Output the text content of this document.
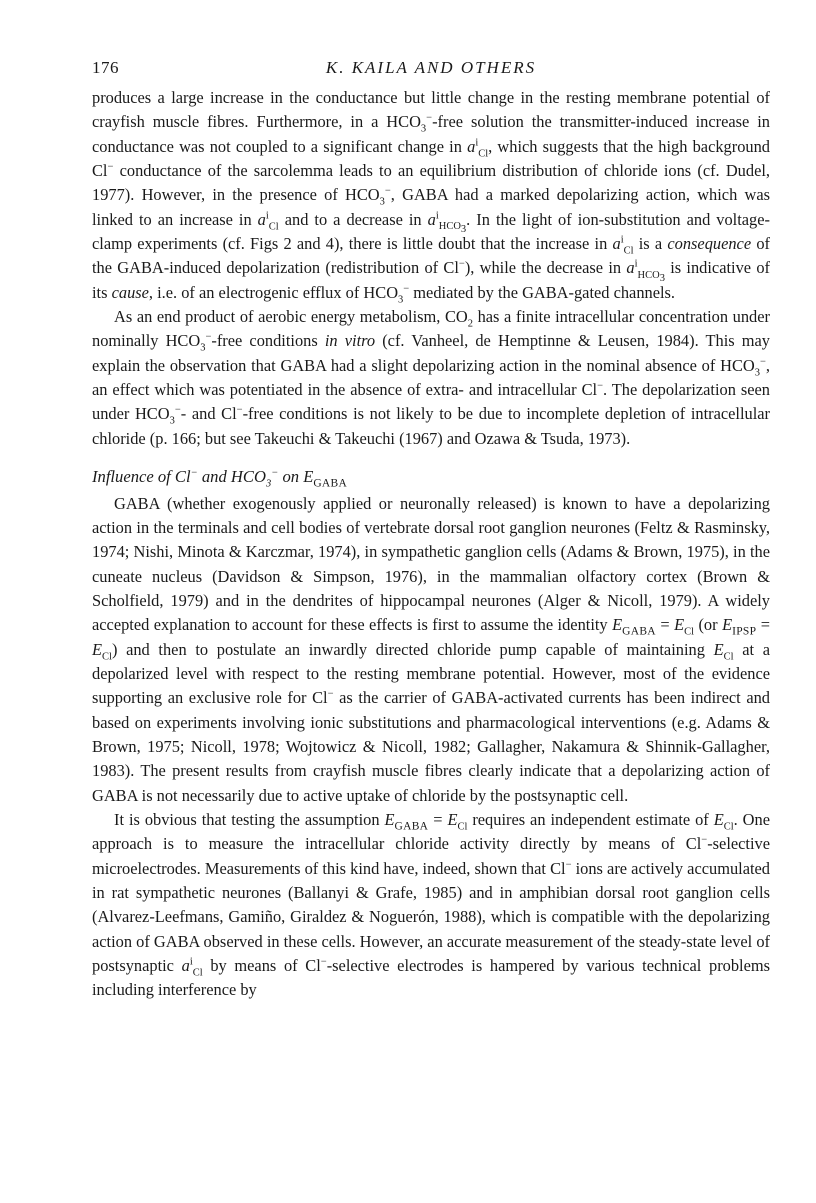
176	K. KAILA AND OTHERS

produces a large increase in the conductance but little change in the resting membrane potential of crayfish muscle fibres. Furthermore, in a $HCO_3^-$-free solution the transmitter-induced increase in conductance was not coupled to a significant change in $a^i_{Cl}$, which suggests that the high background Cl− conductance of the sarcolemma leads to an equilibrium distribution of chloride ions (cf. Dudel, 1977). However, in the presence of $HCO_3^-$, GABA had a marked depolarizing action, which was linked to an increase in $a^i_{Cl}$ and to a decrease in $a^i_{HCO_3}$. In the light of ion-substitution and voltage-clamp experiments (cf. Figs 2 and 4), there is little doubt that the increase in $a^i_{Cl}$ is a consequence of the GABA-induced depolarization (redistribution of Cl−), while the decrease in $a^i_{HCO_3}$ is indicative of its cause, i.e. of an electrogenic efflux of $HCO_3^-$ mediated by the GABA-gated channels.

As an end product of aerobic energy metabolism, $CO_2$ has a finite intracellular concentration under nominally $HCO_3^-$-free conditions in vitro (cf. Vanheel, de Hemptinne & Leusen, 1984). This may explain the observation that GABA had a slight depolarizing action in the nominal absence of $HCO_3^-$, an effect which was potentiated in the absence of extra- and intracellular Cl−. The depolarization seen under $HCO_3^--$ and Cl−-free conditions is not likely to be due to incomplete depletion of intracellular chloride (p. 166; but see Takeuchi & Takeuchi (1967) and Ozawa & Tsuda, 1973).

Influence of Cl− and $HCO_3^-$ on $E_{GABA}$

GABA (whether exogenously applied or neuronally released) is known to have a depolarizing action in the terminals and cell bodies of vertebrate dorsal root ganglion neurones (Feltz & Rasminsky, 1974; Nishi, Minota & Karczmar, 1974), in sympathetic ganglion cells (Adams & Brown, 1975), in the cuneate nucleus (Davidson & Simpson, 1976), in the mammalian olfactory cortex (Brown & Scholfield, 1979) and in the dendrites of hippocampal neurones (Alger & Nicoll, 1979). A widely accepted explanation to account for these effects is first to assume the identity $E_{GABA} = E_{Cl}$ (or $E_{IPSP} = E_{Cl}$) and then to postulate an inwardly directed chloride pump capable of maintaining $E_{Cl}$ at a depolarized level with respect to the resting membrane potential. However, most of the evidence supporting an exclusive role for Cl− as the carrier of GABA-activated currents has been indirect and based on experiments involving ionic substitutions and pharmacological interventions (e.g. Adams & Brown, 1975; Nicoll, 1978; Wojtowicz & Nicoll, 1982; Gallagher, Nakamura & Shinnik-Gallagher, 1983). The present results from crayfish muscle fibres clearly indicate that a depolarizing action of GABA is not necessarily due to active uptake of chloride by the postsynaptic cell.

It is obvious that testing the assumption $E_{GABA} = E_{Cl}$ requires an independent estimate of $E_{Cl}$. One approach is to measure the intracellular chloride activity directly by means of Cl−-selective microelectrodes. Measurements of this kind have, indeed, shown that Cl− ions are actively accumulated in rat sympathetic neurones (Ballanyi & Grafe, 1985) and in amphibian dorsal root ganglion cells (Alvarez-Leefmans, Gamiño, Giraldez & Noguerón, 1988), which is compatible with the depolarizing action of GABA observed in these cells. However, an accurate measurement of the steady-state level of postsynaptic $a^i_{Cl}$ by means of Cl−-selective electrodes is hampered by various technical problems including interference by
